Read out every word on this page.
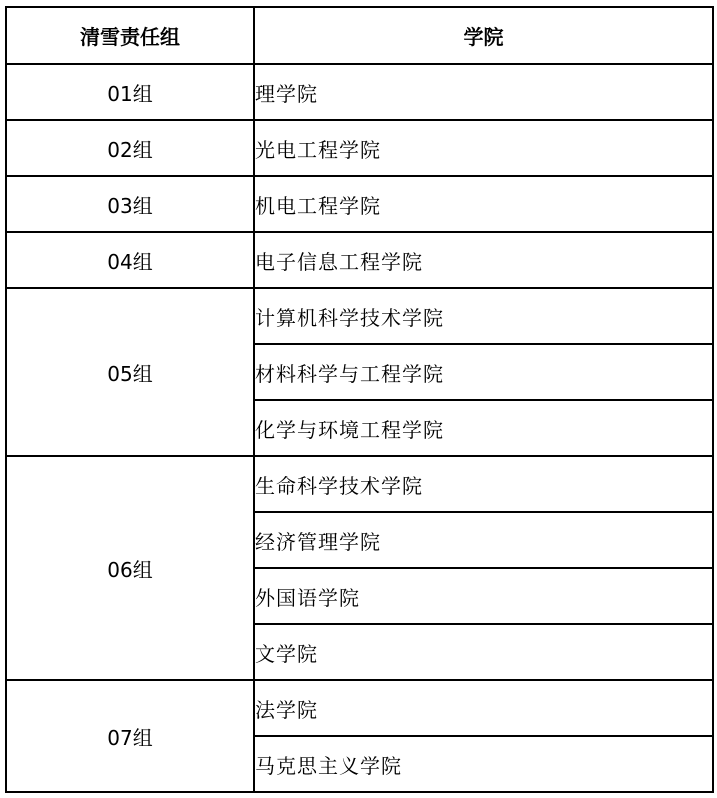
清雪责任组	学院
01组	理学院
02组	光电工程学院
03组	机电工程学院
04组	电子信息工程学院
05组	计算机科学技术学院
	材料科学与工程学院
	化学与环境工程学院
06组	生命科学技术学院
	经济管理学院
	外国语学院
	文学院
07组	法学院
	马克思主义学院
